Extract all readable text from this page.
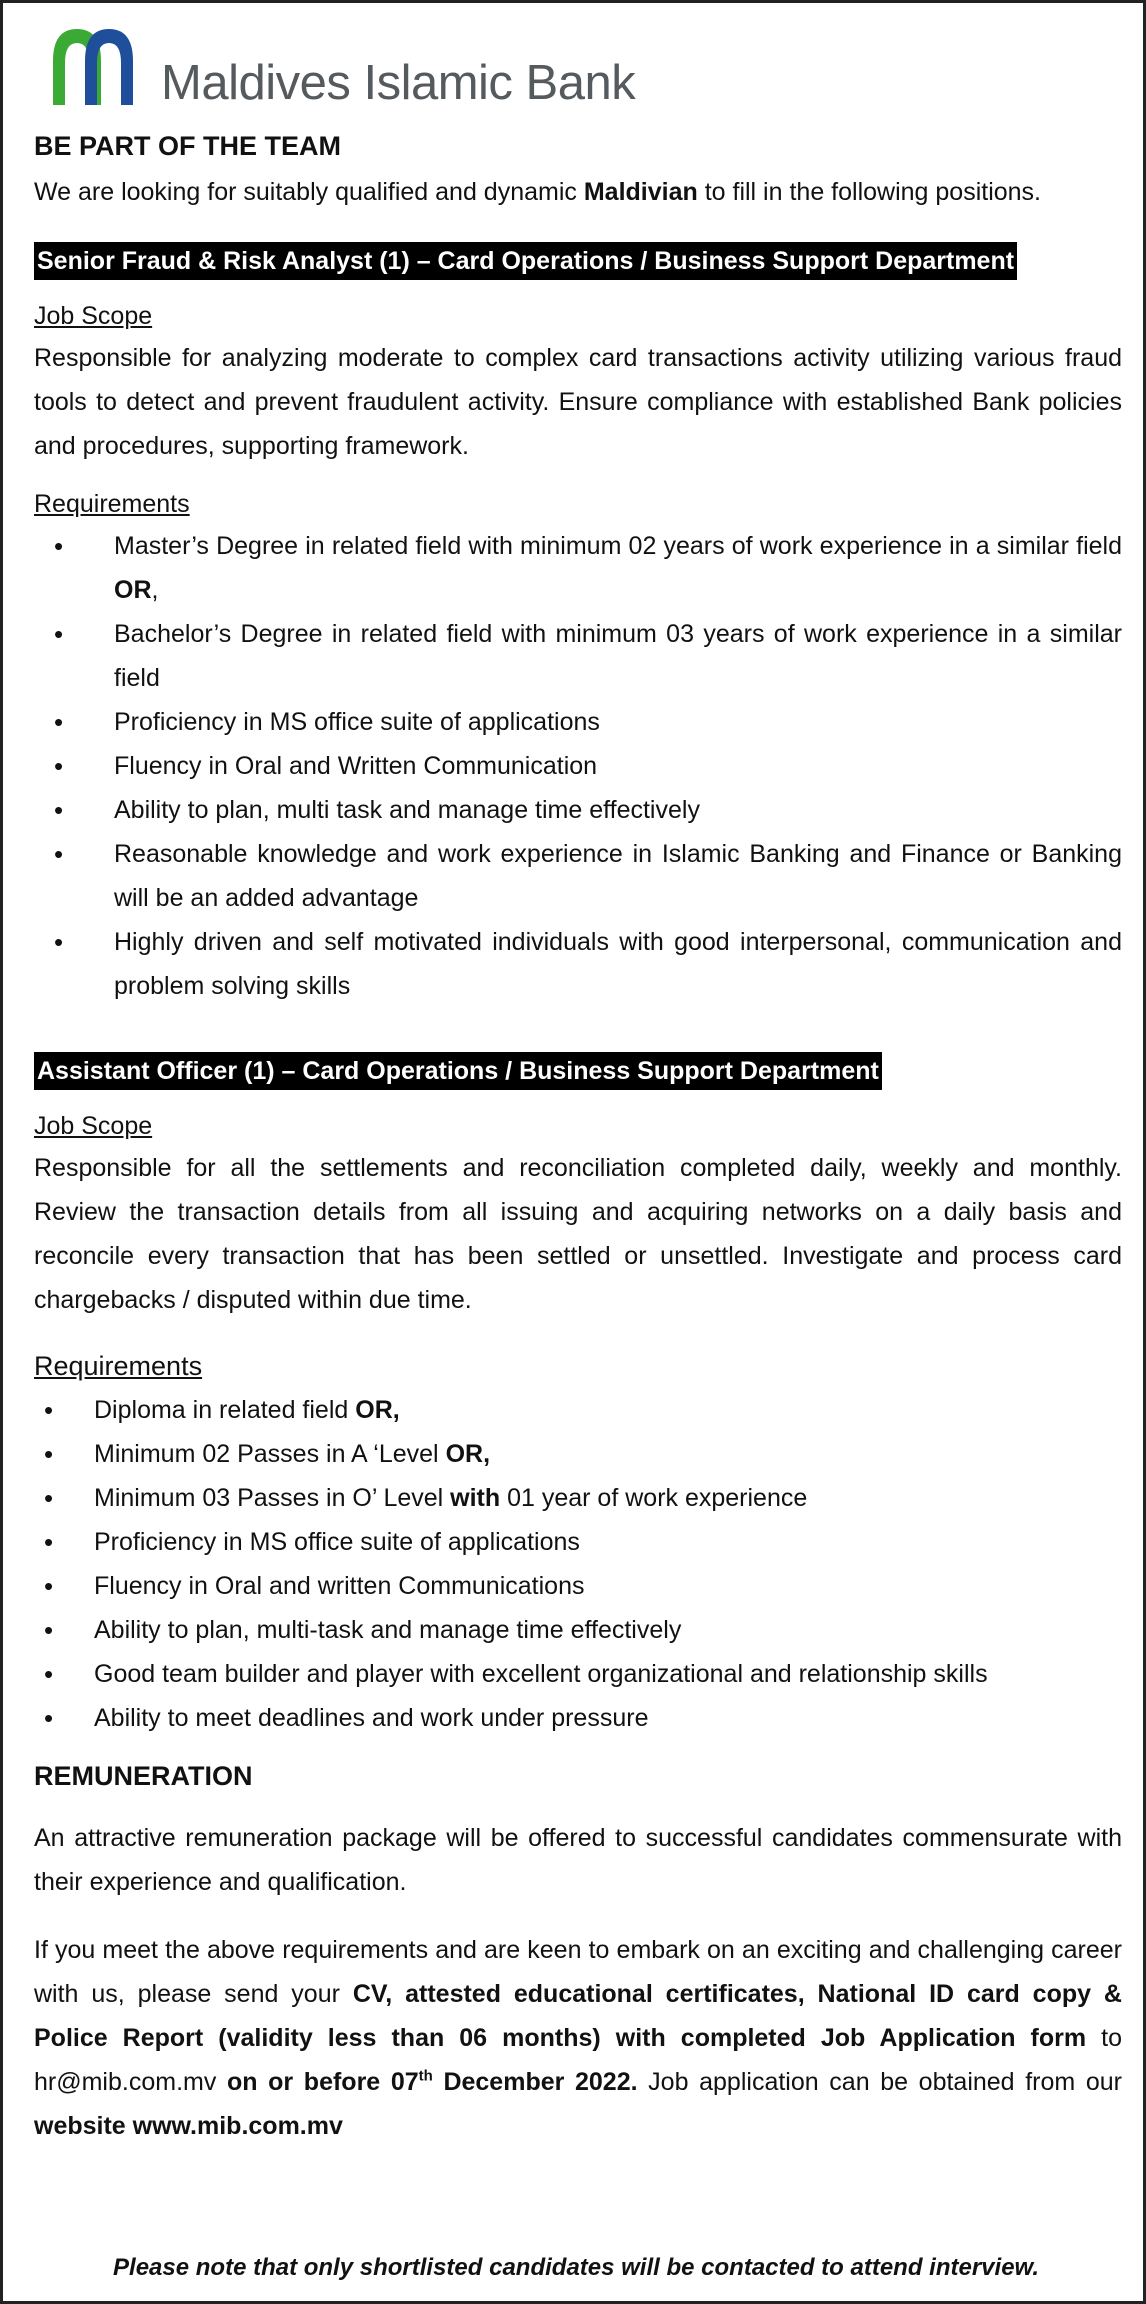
Maldives Islamic Bank
BE PART OF THE TEAM

We are looking for suitably qualified and dynamic Maldivian to fill in the following positions.

Senior Fraud & Risk Analyst (1) – Card Operations / Business Support Department
Job Scope

Responsible for analyzing moderate to complex card transactions activity utilizing various fraud tools to detect and prevent fraudulent activity. Ensure compliance with established Bank policies and procedures, supporting framework.

Requirements
• Master’s Degree in related field with minimum 02 years of work experience in a similar field OR,
• Bachelor’s Degree in related field with minimum 03 years of work experience in a similar field
• Proficiency in MS office suite of applications
• Fluency in Oral and Written Communication
• Ability to plan, multi task and manage time effectively
• Reasonable knowledge and work experience in Islamic Banking and Finance or Banking will be an added advantage
• Highly driven and self motivated individuals with good interpersonal, communication and problem solving skills
Assistant Officer (1) – Card Operations / Business Support Department
Job Scope

Responsible for all the settlements and reconciliation completed daily, weekly and monthly. Review the transaction details from all issuing and acquiring networks on a daily basis and reconcile every transaction that has been settled or unsettled. Investigate and process card chargebacks / disputed within due time.

Requirements
• Diploma in related field OR,
• Minimum 02 Passes in A ‘Level OR,
• Minimum 03 Passes in O’ Level with 01 year of work experience
• Proficiency in MS office suite of applications
• Fluency in Oral and written Communications
• Ability to plan, multi-task and manage time effectively
• Good team builder and player with excellent organizational and relationship skills
• Ability to meet deadlines and work under pressure
REMUNERATION

An attractive remuneration package will be offered to successful candidates commensurate with their experience and qualification.

If you meet the above requirements and are keen to embark on an exciting and challenging career with us, please send your CV, attested educational certificates, National ID card copy & Police Report (validity less than 06 months) with completed Job Application form to hr@mib.com.mv on or before 07th December 2022. Job application can be obtained from our website www.mib.com.mv

Please note that only shortlisted candidates will be contacted to attend interview.
